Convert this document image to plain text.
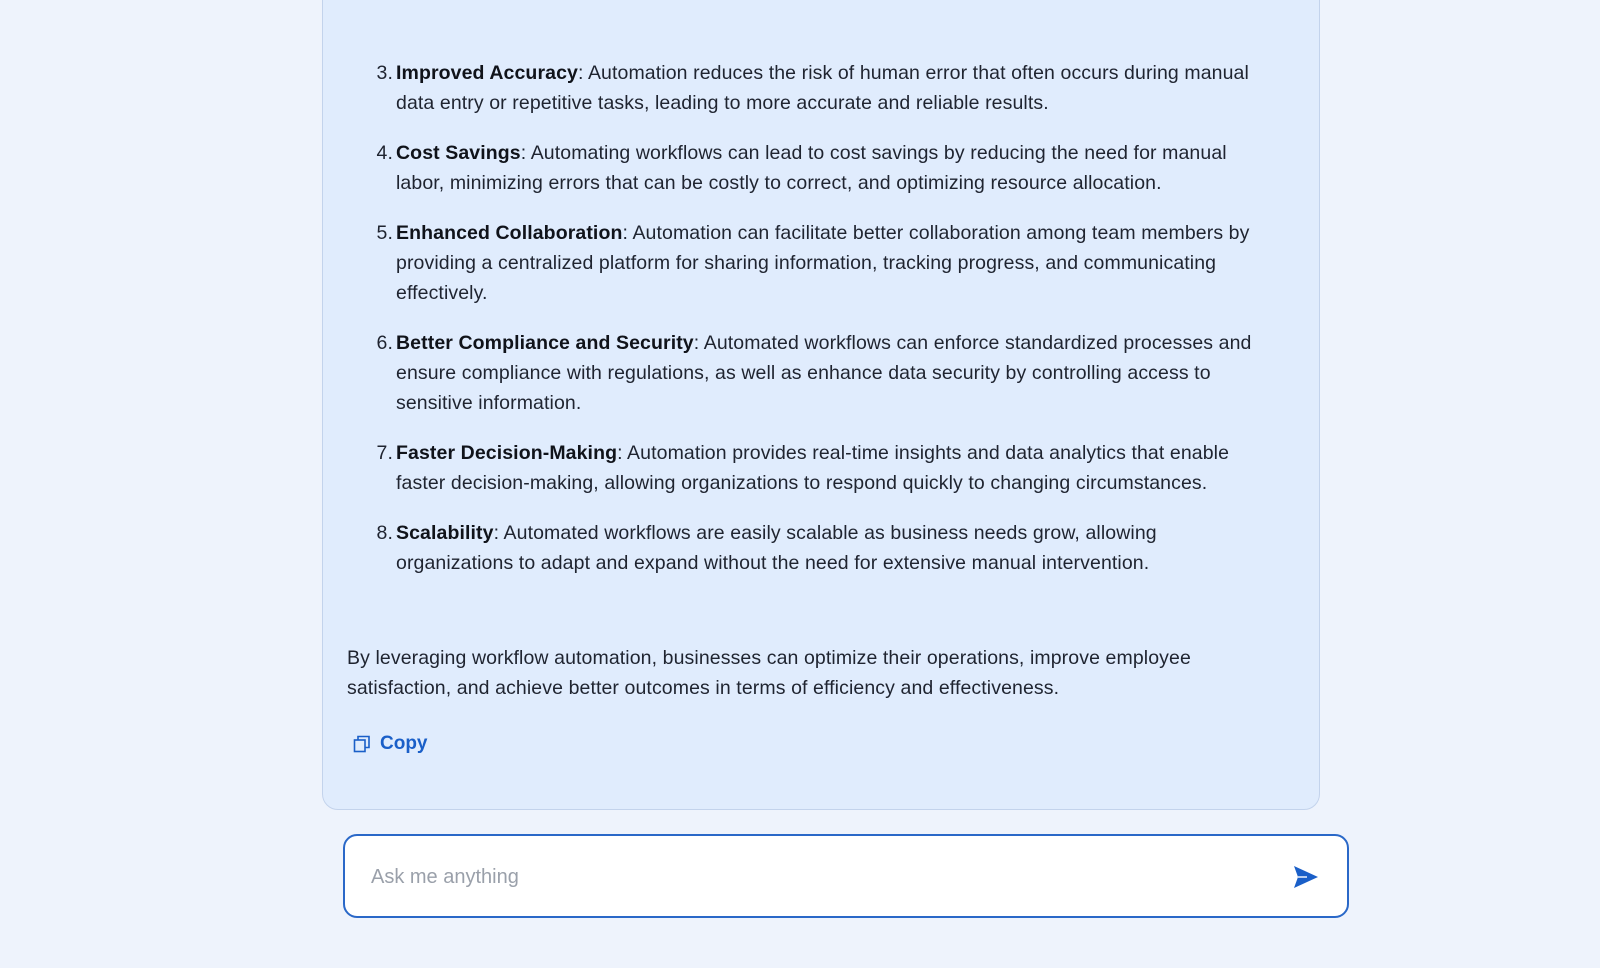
3. Improved Accuracy: Automation reduces the risk of human error that often occurs during manual data entry or repetitive tasks, leading to more accurate and reliable results.
4. Cost Savings: Automating workflows can lead to cost savings by reducing the need for manual labor, minimizing errors that can be costly to correct, and optimizing resource allocation.
5. Enhanced Collaboration: Automation can facilitate better collaboration among team members by providing a centralized platform for sharing information, tracking progress, and communicating effectively.
6. Better Compliance and Security: Automated workflows can enforce standardized processes and ensure compliance with regulations, as well as enhance data security by controlling access to sensitive information.
7. Faster Decision-Making: Automation provides real-time insights and data analytics that enable faster decision-making, allowing organizations to respond quickly to changing circumstances.
8. Scalability: Automated workflows are easily scalable as business needs grow, allowing organizations to adapt and expand without the need for extensive manual intervention.

By leveraging workflow automation, businesses can optimize their operations, improve employee satisfaction, and achieve better outcomes in terms of efficiency and effectiveness.

Copy
Ask me anything
